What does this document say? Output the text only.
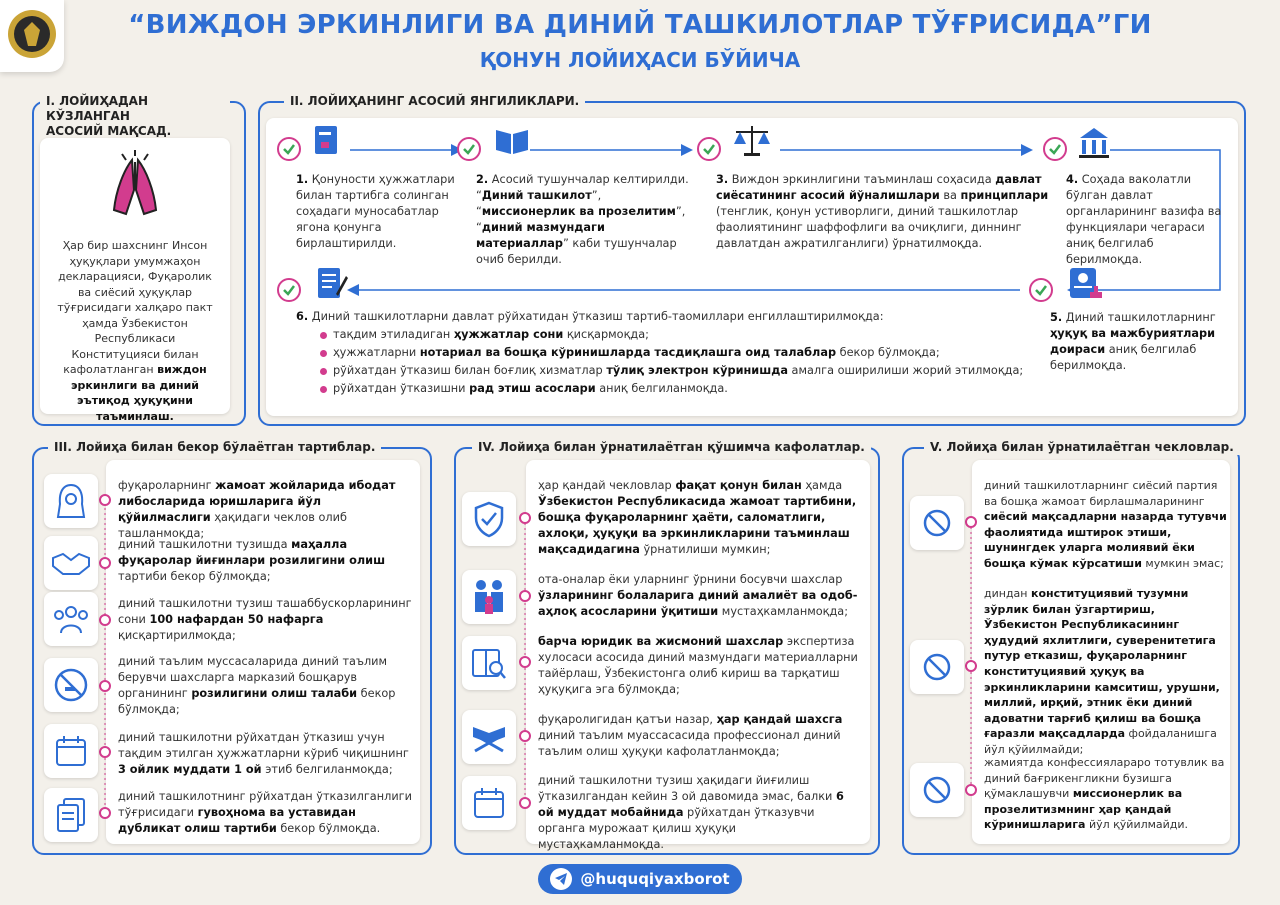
“ВИЖДОН ЭРКИНЛИГИ ВА ДИНИЙ ТАШКИЛОТЛАР ТЎҒРИСИДА”ГИ
ҚОНУН ЛОЙИҲАСИ БЎЙИЧА
I. ЛОЙИҲАДАН КЎЗЛАНГАН
АСОСИЙ МАҚСАД.
Ҳар бир шахснинг Инсон ҳуқуқлари умумжаҳон декларацияси, Фуқаролик ва сиёсий ҳуқуқлар тўғрисидаги халқаро пакт ҳамда Ўзбекистон Республикаси Конституцияси билан кафолатланган виждон эркинлиги ва диний эътиқод ҳуқуқини таъминлаш.
II. ЛОЙИҲАНИНГ АСОСИЙ ЯНГИЛИКЛАРИ.
1. Қонуности ҳужжатлари билан тартибга солинган соҳадаги муносабатлар ягона қонунга бирлаштирилди.
2. Асосий тушунчалар келтирилди. “Диний ташкилот”, “миссионерлик ва прозелитим”, “диний мазмундаги материаллар” каби тушунчалар очиб берилди.
3. Виждон эркинлигини таъминлаш соҳасида давлат сиёсатининг асосий йўналишлари ва принциплари (тенглик, қонун устиворлиги, диний ташкилотлар фаолиятининг шаффофлиги ва очиқлиги, диннинг давлатдан ажратилганлиги) ўрнатилмоқда.
4. Соҳада ваколатли бўлган давлат органларининг вазифа ва функциялари чегараси аниқ белгилаб берилмоқда.
6. Диний ташкилотларни давлат рўйхатидан ўтказиш тартиб-таомиллари енгиллаштирилмоқда:
тақдим этиладиган ҳужжатлар сони қисқармоқда;
ҳужжатларни нотариал ва бошқа кўринишларда тасдиқлашга оид талаблар бекор бўлмоқда;
рўйхатдан ўтказиш билан боғлиқ хизматлар тўлиқ электрон кўринишда амалга оширилиши жорий этилмоқда;
рўйхатдан ўтказишни рад этиш асослари аниқ белгиланмоқда.
5. Диний ташкилотларнинг ҳуқуқ ва мажбуриятлари доираси аниқ белгилаб берилмоқда.
III. Лойиҳа билан бекор бўлаётган тартиблар.
фуқароларнинг жамоат жойларида ибодат либосларида юришларига йўл қўйилмаслиги ҳақидаги чеклов олиб ташланмоқда;
диний ташкилотни тузишда маҳалла фуқаролар йиғинлари розилигини олиш тартиби бекор бўлмоқда;
диний ташкилотни тузиш ташаббускорларининг сони 100 нафардан 50 нафарга қисқартирилмоқда;
диний таълим муссасаларида диний таълим берувчи шахсларга марказий бошқарув органининг розилигини олиш талаби бекор бўлмоқда;
диний ташкилотни рўйхатдан ўтказиш учун тақдим этилган ҳужжатларни кўриб чиқишнинг 3 ойлик муддати 1 ой этиб белгиланмоқда;
диний ташкилотнинг рўйхатдан ўтказилганлиги тўғрисидаги гувоҳнома ва уставидан дубликат олиш тартиби бекор бўлмоқда.
IV. Лойиҳа билан ўрнатилаётган қўшимча кафолатлар.
ҳар қандай чекловлар фақат қонун билан ҳамда Ўзбекистон Республикасида жамоат тартибини, бошқа фуқароларнинг ҳаёти, саломатлиги, ахлоқи, ҳуқуқи ва эркинликларини таъминлаш мақсадидагина ўрнатилиши мумкин;
ота-оналар ёки уларнинг ўрнини босувчи шахслар ўзларининг болаларига диний амалиёт ва одоб-аҳлоқ асосларини ўқитиши мустаҳкамланмоқда;
барча юридик ва жисмоний шахслар экспертиза хулосаси асосида диний мазмундаги материалларни тайёрлаш, Ўзбекистонга олиб кириш ва тарқатиш ҳуқуқига эга бўлмоқда;
фуқаролигидан қатъи назар, ҳар қандай шахсга диний таълим муассасасида профессионал диний таълим олиш ҳуқуқи кафолатланмоқда;
диний ташкилотни тузиш ҳақидаги йиғилиш ўтказилгандан кейин 3 ой давомида эмас, балки 6 ой муддат мобайнида рўйхатдан ўтказувчи органга мурожаат қилиш ҳуқуқи мустаҳкамланмоқда.
V. Лойиҳа билан ўрнатилаётган чекловлар.
диний ташкилотларнинг сиёсий партия ва бошқа жамоат бирлашмаларининг сиёсий мақсадларни назарда тутувчи фаолиятида иштирок этиши, шунингдек уларга молиявий ёки бошқа кўмак кўрсатиши мумкин эмас;
диндан конституциявий тузумни зўрлик билан ўзгартириш, Ўзбекистон Республикасининг ҳудудий яхлитлиги, суверенитетига путур етказиш, фуқароларнинг конституциявий ҳуқуқ ва эркинликларини камситиш, урушни, миллий, ирқий, этник ёки диний адоватни тарғиб қилиш ва бошқа ғаразли мақсадларда фойдаланишга йўл қўйилмайди;
жамиятда конфессияларaро тотувлик ва диний бағрикенгликни бузишга қўмаклашувчи миссионерлик ва прозелитизмнинг ҳар қандай кўринишларига йўл қўйилмайди.
@huquqiyaxborot
